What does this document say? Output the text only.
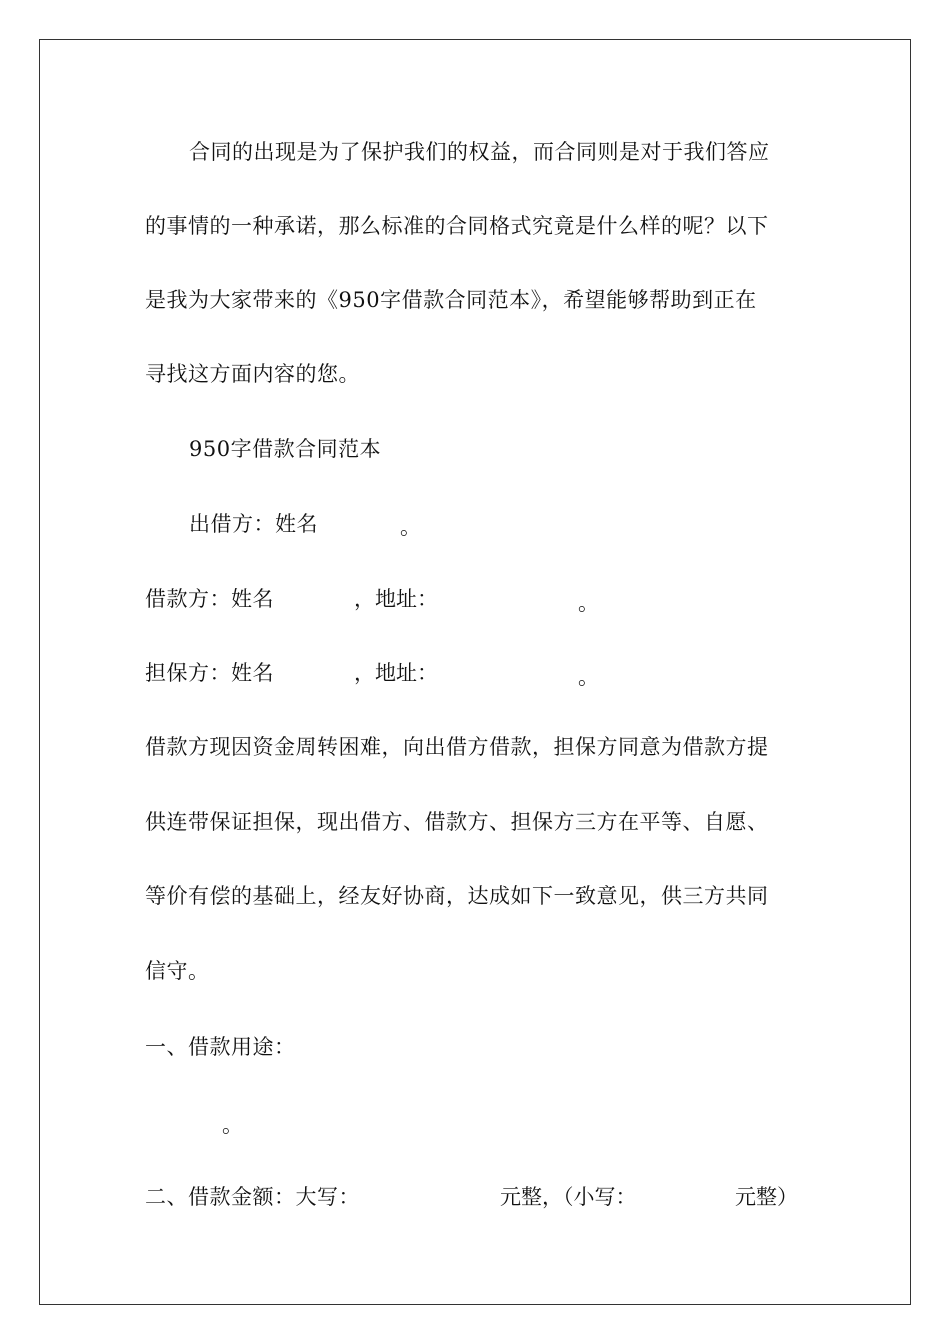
合同的出现是为了保护我们的权益，而合同则是对于我们答应
的事情的一种承诺，那么标准的合同格式究竟是什么样的呢？以下
是我为大家带来的《950字借款合同范本》，希望能够帮助到正在
寻找这方面内容的您。
950字借款合同范本
出借方：姓名	。
借款方：姓名	，地址：	。
担保方：姓名	，地址：	。
借款方现因资金周转困难，向出借方借款，担保方同意为借款方提
供连带保证担保，现出借方、借款方、担保方三方在平等、自愿、
等价有偿的基础上，经友好协商，达成如下一致意见，供三方共同
信守。
一、借款用途：
。
二、借款金额：大写：	元整，（小写：	元整）
